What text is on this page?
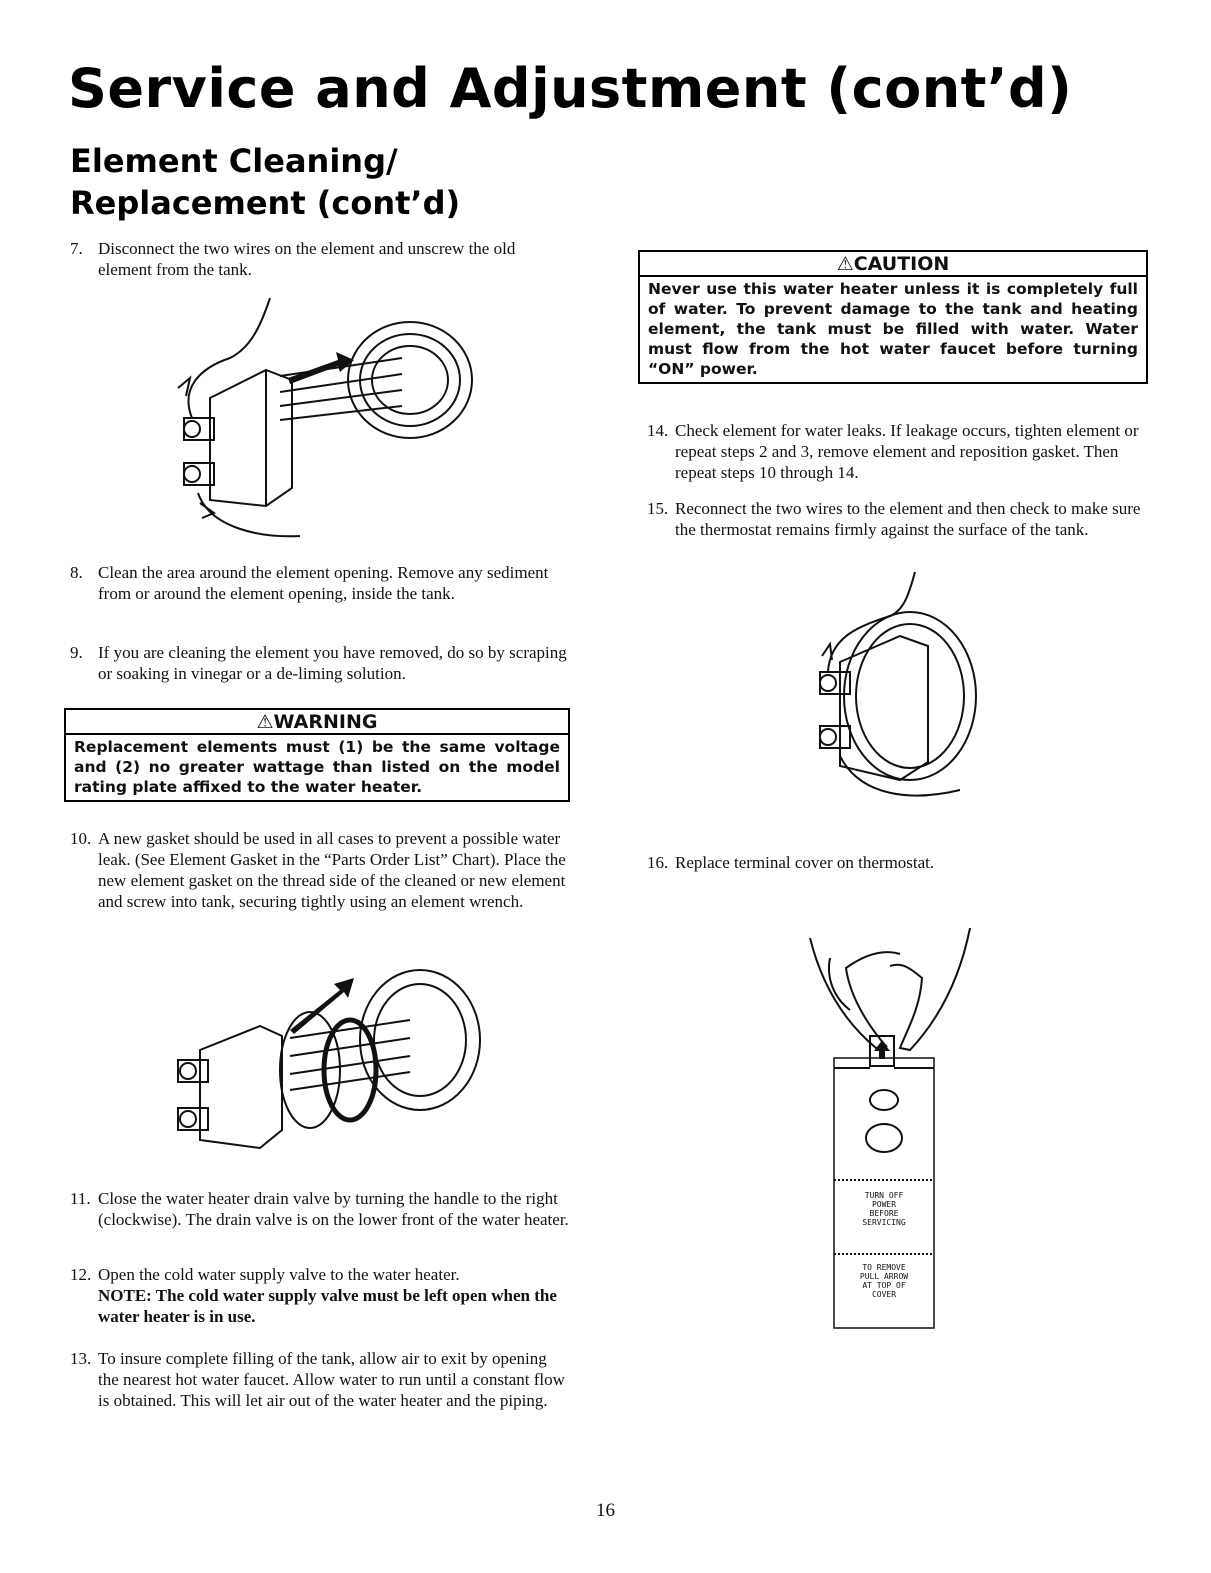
Service and Adjustment (cont’d)
Element Cleaning/
Replacement (cont’d)
7. Disconnect the two wires on the element and unscrew the old element from the tank.
8. Clean the area around the element opening. Remove any sediment from or around the element opening, inside the tank.
9. If you are cleaning the element you have removed, do so by scraping or soaking in vinegar or a de-liming solution.
⚠WARNING
Replacement elements must (1) be the same voltage and (2) no greater wattage than listed on the model rating plate affixed to the water heater.
10. A new gasket should be used in all cases to prevent a possible water leak. (See Element Gasket in the “Parts Order List” Chart). Place the new element gasket on the thread side of the cleaned or new element and screw into tank, securing tightly using an element wrench.
11. Close the water heater drain valve by turning the handle to the right (clockwise). The drain valve is on the lower front of the water heater.
12. Open the cold water supply valve to the water heater.
NOTE: The cold water supply valve must be left open when the water heater is in use.
13. To insure complete filling of the tank, allow air to exit by opening the nearest hot water faucet. Allow water to run until a constant flow is obtained. This will let air out of the water heater and the piping.
⚠CAUTION
Never use this water heater unless it is completely full of water. To prevent damage to the tank and heating element, the tank must be filled with water. Water must flow from the hot water faucet before turning “ON” power.
14. Check element for water leaks. If leakage occurs, tighten element or repeat steps 2 and 3, remove element and reposition gasket. Then repeat steps 10 through 14.
15. Reconnect the two wires to the element and then check to make sure the thermostat remains firmly against the surface of the tank.
16. Replace terminal cover on thermostat.
TURN OFF
POWER
BEFORE
SERVICING
TO REMOVE
PULL ARROW
AT TOP OF
COVER
16
